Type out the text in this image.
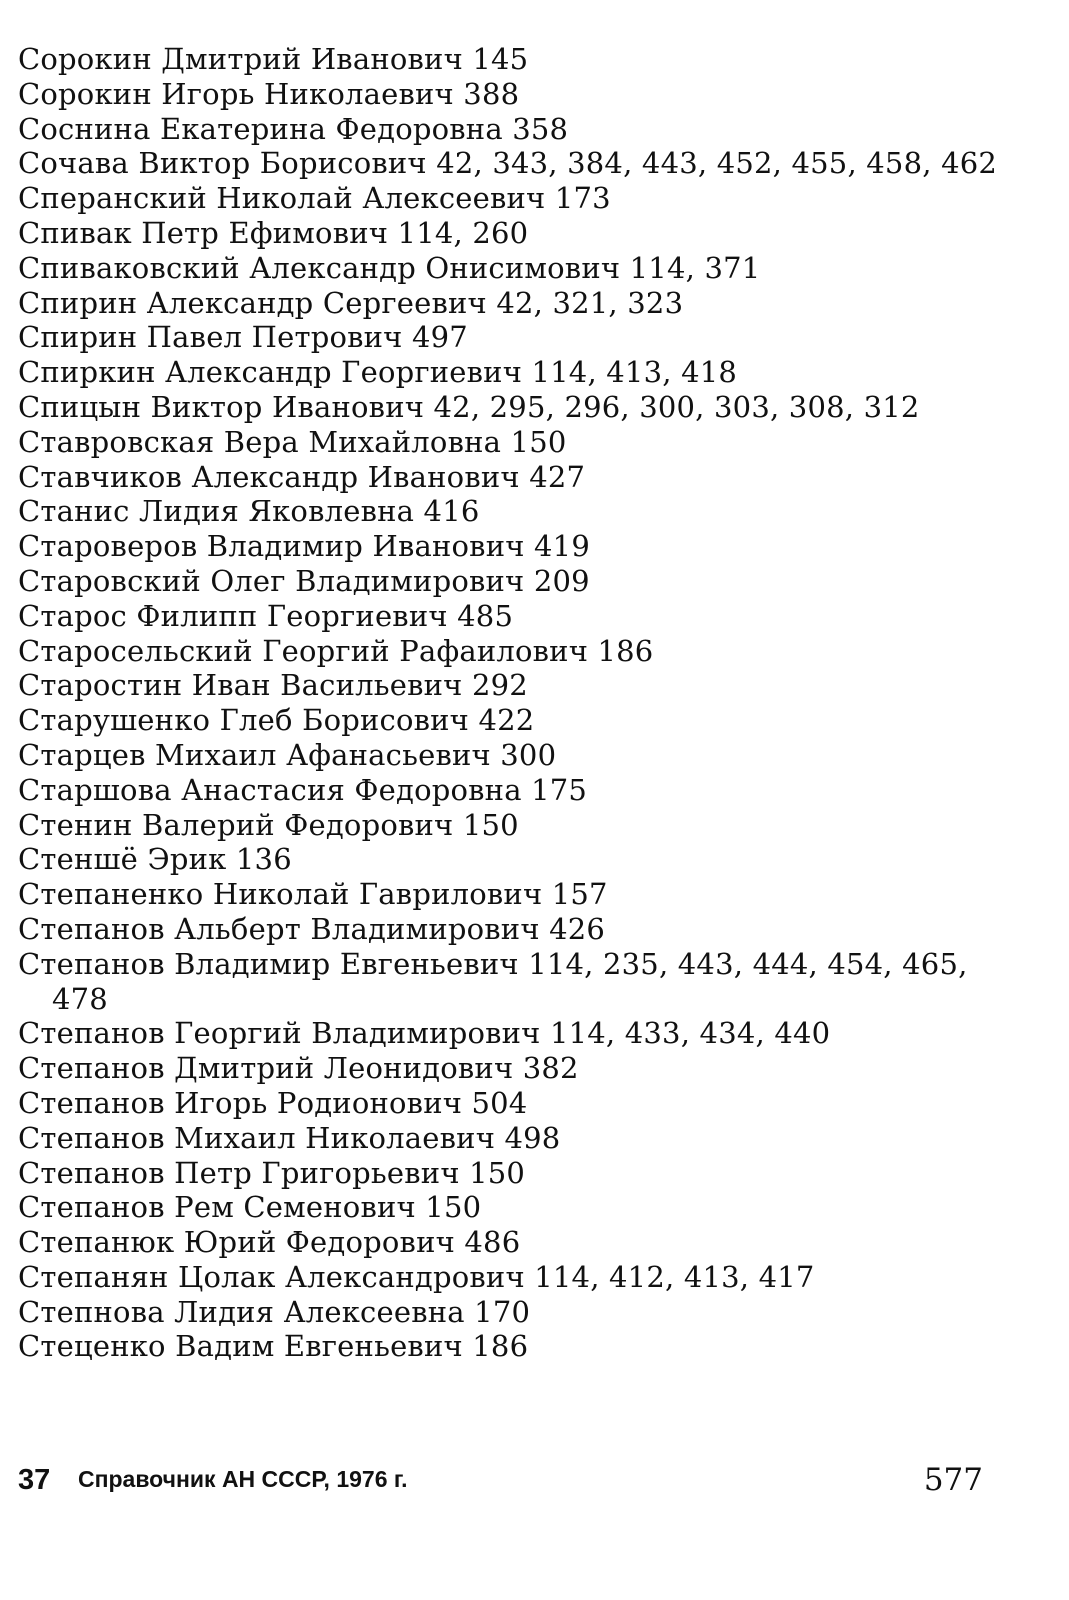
Сорокин Дмитрий Иванович 145
Сорокин Игорь Николаевич 388
Соснина Екатерина Федоровна 358
Сочава Виктор Борисович 42, 343, 384, 443, 452, 455, 458, 462
Сперанский Николай Алексеевич 173
Спивак Петр Ефимович 114, 260
Спиваковский Александр Онисимович 114, 371
Спирин Александр Сергеевич 42, 321, 323
Спирин Павел Петрович 497
Спиркин Александр Георгиевич 114, 413, 418
Спицын Виктор Иванович 42, 295, 296, 300, 303, 308, 312
Ставровская Вера Михайловна 150
Ставчиков Александр Иванович 427
Станис Лидия Яковлевна 416
Староверов Владимир Иванович 419
Старовский Олег Владимирович 209
Старос Филипп Георгиевич 485
Старосельский Георгий Рафаилович 186
Старостин Иван Васильевич 292
Старушенко Глеб Борисович 422
Старцев Михаил Афанасьевич 300
Старшова Анастасия Федоровна 175
Стенин Валерий Федорович 150
Стеншё Эрик 136
Степаненко Николай Гаврилович 157
Степанов Альберт Владимирович 426
Степанов Владимир Евгеньевич 114, 235, 443, 444, 454, 465, 478
Степанов Георгий Владимирович 114, 433, 434, 440
Степанов Дмитрий Леонидович 382
Степанов Игорь Родионович 504
Степанов Михаил Николаевич 498
Степанов Петр Григорьевич 150
Степанов Рем Семенович 150
Степанюк Юрий Федорович 486
Степанян Цолак Александрович 114, 412, 413, 417
Степнова Лидия Алексеевна 170
Стеценко Вадим Евгеньевич 186
37 Справочник АН СССР, 1976 г.	577
